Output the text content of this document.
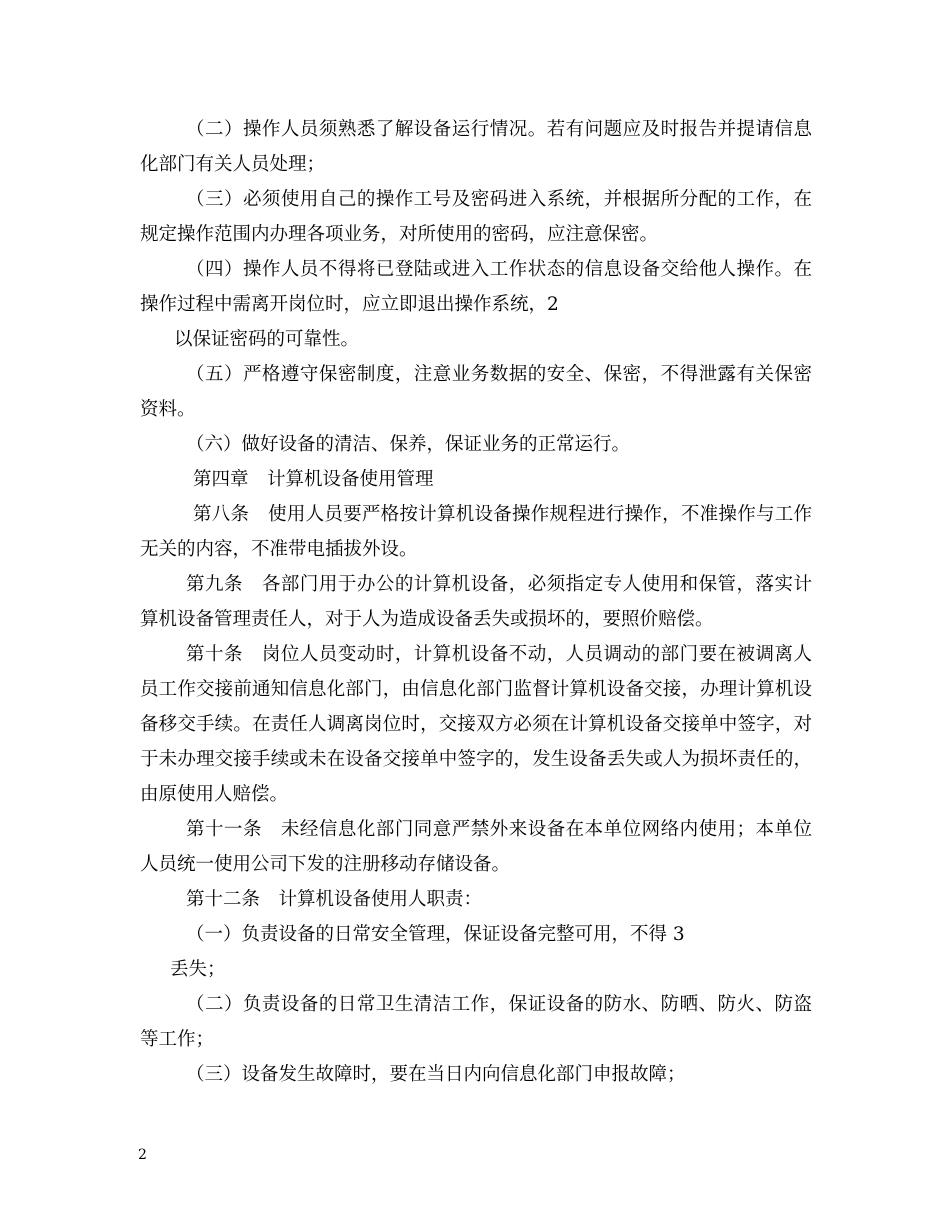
（二）操作人员须熟悉了解设备运行情况。若有问题应及时报告并提请信息
化部门有关人员处理；
（三）必须使用自己的操作工号及密码进入系统，并根据所分配的工作，在
规定操作范围内办理各项业务，对所使用的密码，应注意保密。
（四）操作人员不得将已登陆或进入工作状态的信息设备交给他人操作。在
操作过程中需离开岗位时，应立即退出操作系统，2
以保证密码的可靠性。
（五）严格遵守保密制度，注意业务数据的安全、保密，不得泄露有关保密
资料。
（六）做好设备的清洁、保养，保证业务的正常运行。
第四章　计算机设备使用管理
第八条　使用人员要严格按计算机设备操作规程进行操作，不准操作与工作
无关的内容，不准带电插拔外设。
第九条　各部门用于办公的计算机设备，必须指定专人使用和保管，落实计
算机设备管理责任人，对于人为造成设备丢失或损坏的，要照价赔偿。
第十条　岗位人员变动时，计算机设备不动，人员调动的部门要在被调离人
员工作交接前通知信息化部门，由信息化部门监督计算机设备交接，办理计算机设
备移交手续。在责任人调离岗位时，交接双方必须在计算机设备交接单中签字，对
于未办理交接手续或未在设备交接单中签字的，发生设备丢失或人为损坏责任的，
由原使用人赔偿。
第十一条　未经信息化部门同意严禁外来设备在本单位网络内使用；本单位
人员统一使用公司下发的注册移动存储设备。
第十二条　计算机设备使用人职责：
（一）负责设备的日常安全管理，保证设备完整可用，不得 3
丢失；
（二）负责设备的日常卫生清洁工作，保证设备的防水、防晒、防火、防盗
等工作；
（三）设备发生故障时，要在当日内向信息化部门申报故障；
2
